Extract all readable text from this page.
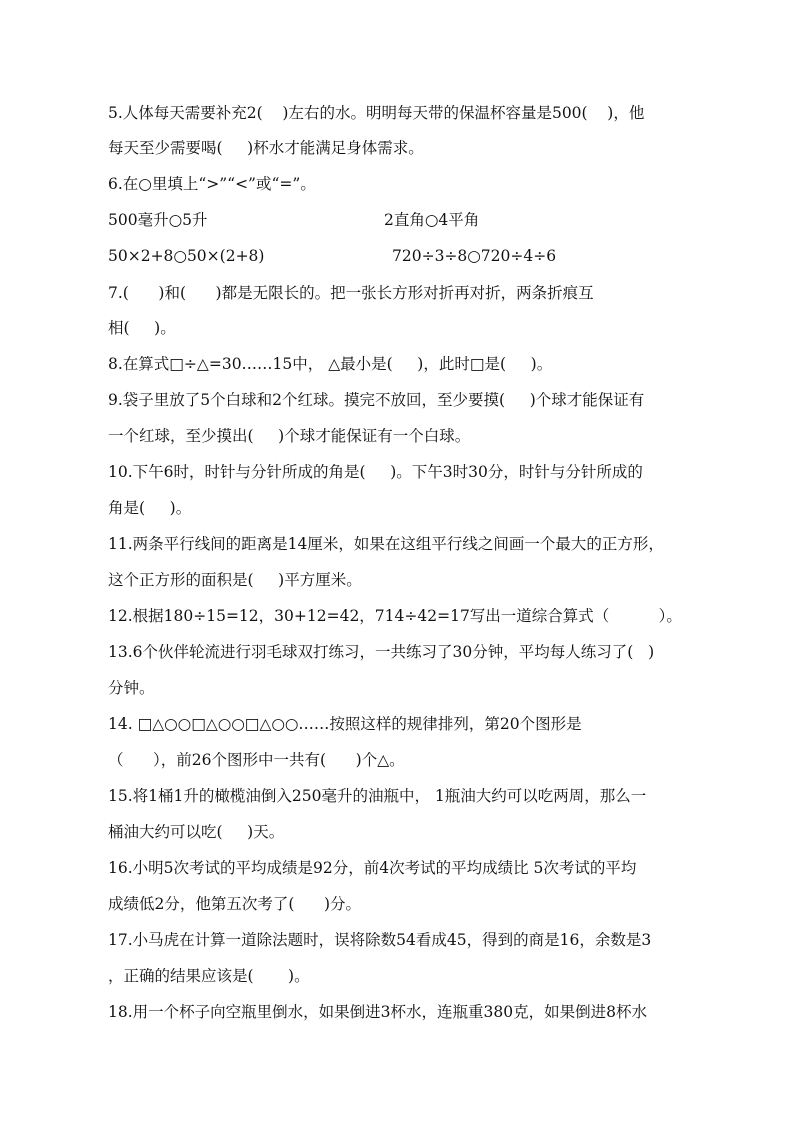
5.人体每天需要补充2(    )左右的水。明明每天带的保温杯容量是500(    )，他
每天至少需要喝(     )杯水才能满足身体需求。
6.在○里填上“>”“<”或“=”。
500毫升○5升	2直角○4平角
50×2+8○50×(2+8)	720÷3÷8○720÷4÷6
7.(      )和(      )都是无限长的。把一张长方形对折再对折，两条折痕互
相(     )。
8.在算式□÷△=30……15中， △最小是(     )，此时□是(     )。
9.袋子里放了5个白球和2个红球。摸完不放回，至少要摸(     )个球才能保证有
一个红球，至少摸出(     )个球才能保证有一个白球。
10.下午6时，时针与分针所成的角是(     )。下午3时30分，时针与分针所成的
角是(     )。
11.两条平行线间的距离是14厘米，如果在这组平行线之间画一个最大的正方形，
这个正方形的面积是(     )平方厘米。
12.根据180÷15=12，30+12=42，714÷42=17写出一道综合算式（          ）。
13.6个伙伴轮流进行羽毛球双打练习，一共练习了30分钟，平均每人练习了(   )
分钟。
14. □△○○□△○○□△○○……按照这样的规律排列，第20个图形是
（      ），前26个图形中一共有(      )个△。
15.将1桶1升的橄榄油倒入250毫升的油瓶中， 1瓶油大约可以吃两周，那么一
桶油大约可以吃(     )天。
16.小明5次考试的平均成绩是92分，前4次考试的平均成绩比 5次考试的平均
成绩低2分，他第五次考了(      )分。
17.小马虎在计算一道除法题时，误将除数54看成45，得到的商是16，余数是3
，正确的结果应该是(       )。
18.用一个杯子向空瓶里倒水，如果倒进3杯水，连瓶重380克，如果倒进8杯水
